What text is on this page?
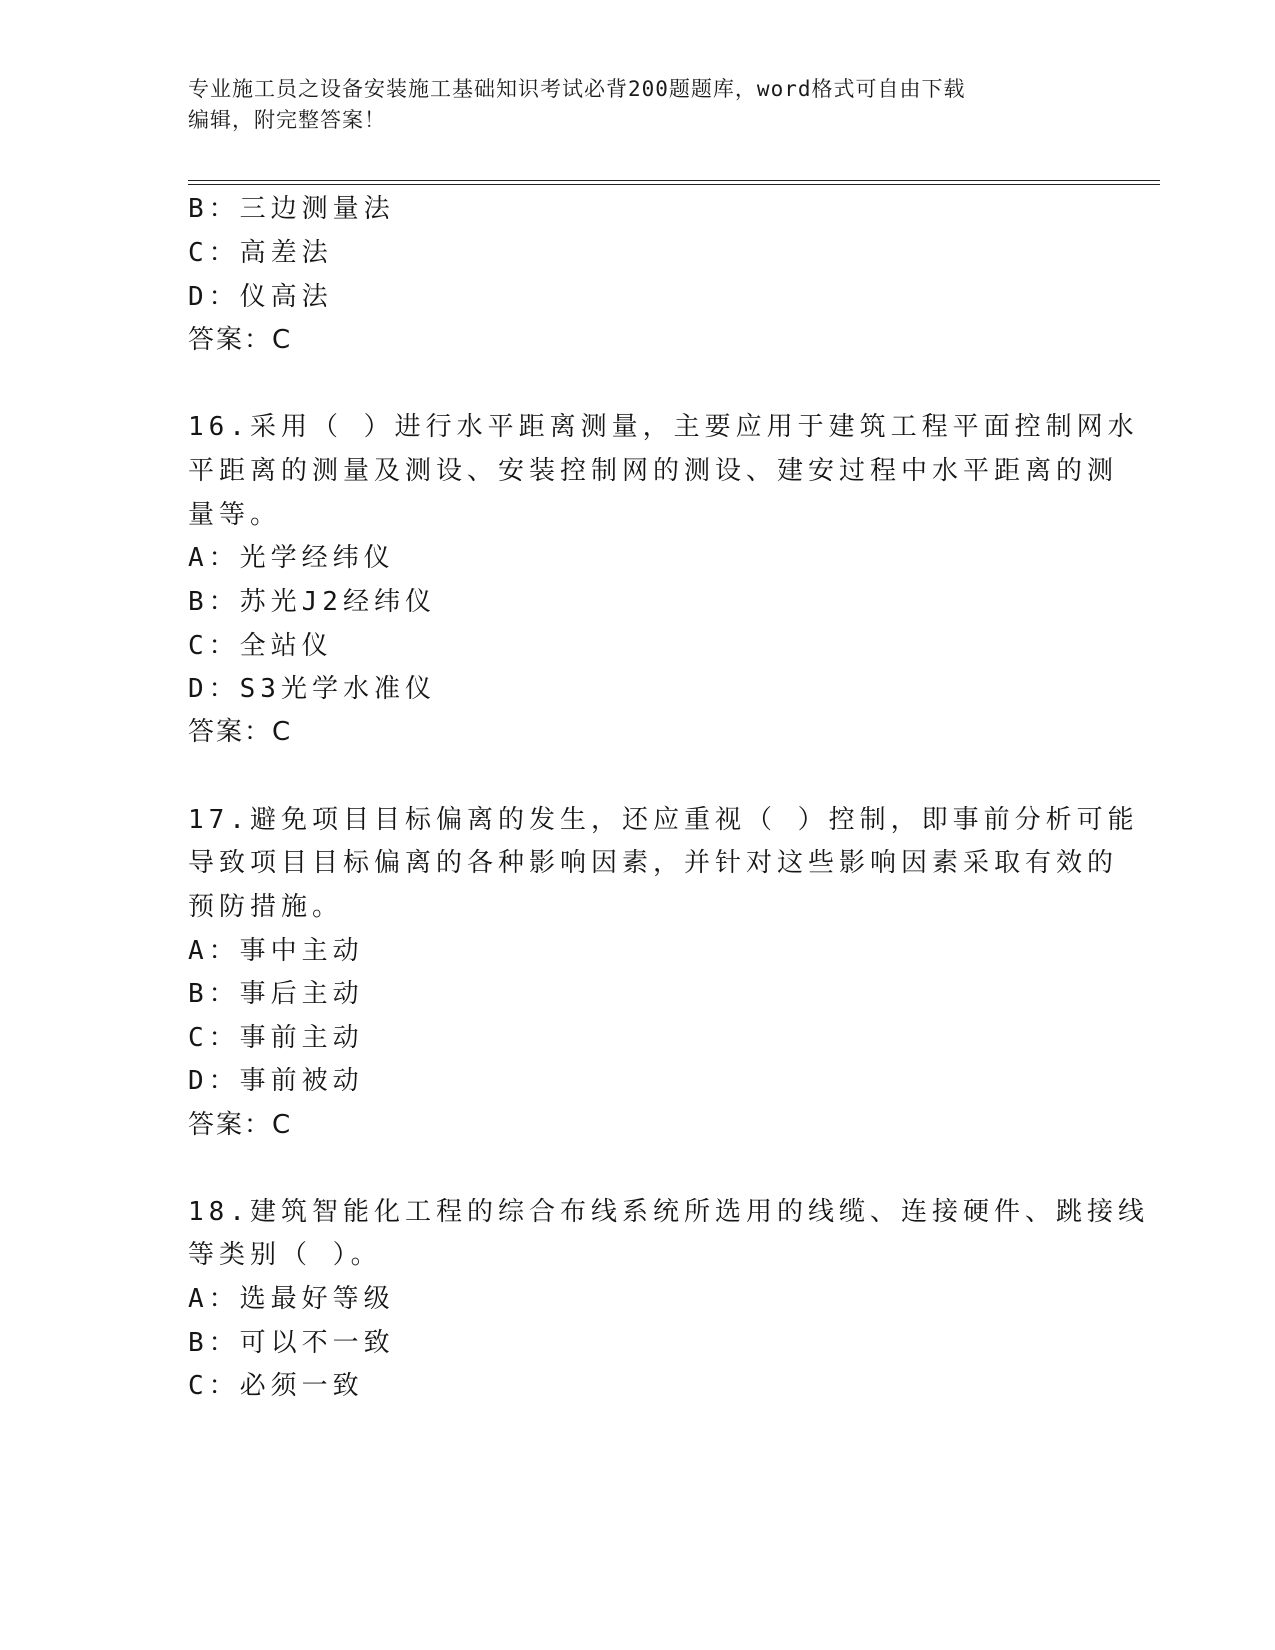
专业施工员之设备安装施工基础知识考试必背200题题库，word格式可自由下载
编辑，附完整答案！
B：三边测量法
C：高差法
D：仪高法
答案：C
16.采用（ ）进行水平距离测量，主要应用于建筑工程平面控制网水
平距离的测量及测设、安装控制网的测设、建安过程中水平距离的测
量等。
A：光学经纬仪
B：苏光J2经纬仪
C：全站仪
D：S3光学水准仪
答案：C
17.避免项目目标偏离的发生，还应重视（ ）控制，即事前分析可能
导致项目目标偏离的各种影响因素，并针对这些影响因素采取有效的
预防措施。
A：事中主动
B：事后主动
C：事前主动
D：事前被动
答案：C
18.建筑智能化工程的综合布线系统所选用的线缆、连接硬件、跳接线
等类别（ ）。
A：选最好等级
B：可以不一致
C：必须一致
